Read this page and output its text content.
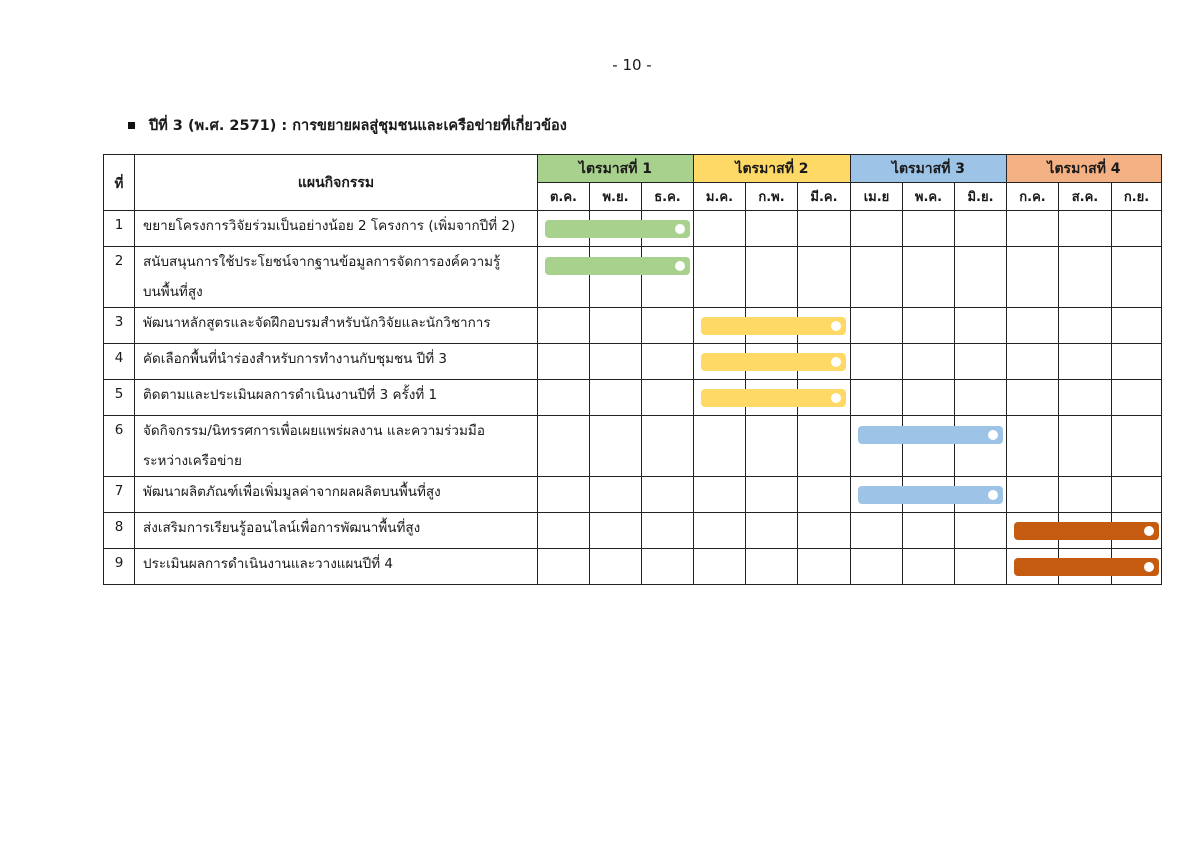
- 10 -
ปีที่ 3 (พ.ศ. 2571) : การขยายผลสู่ชุมชนและเครือข่ายที่เกี่ยวข้อง
ที่	แผนกิจกรรม	ไตรมาสที่ 1			ไตรมาสที่ 2			ไตรมาสที่ 3			ไตรมาสที่ 4		
		ต.ค.	พ.ย.	ธ.ค.	ม.ค.	ก.พ.	มี.ค.	เม.ย	พ.ค.	มิ.ย.	ก.ค.	ส.ค.	ก.ย.
1	ขยายโครงการวิจัยร่วมเป็นอย่างน้อย 2 โครงการ (เพิ่มจากปีที่ 2)												

2	สนับสนุนการใช้ประโยชน์จากฐานข้อมูลการจัดการองค์ความรู้
บนพื้นที่สูง												

3	พัฒนาหลักสูตรและจัดฝึกอบรมสำหรับนักวิจัยและนักวิชาการ												

4	คัดเลือกพื้นที่นำร่องสำหรับการทำงานกับชุมชน ปีที่ 3												

5	ติดตามและประเมินผลการดำเนินงานปีที่ 3 ครั้งที่ 1												

6	จัดกิจกรรม/นิทรรศการเพื่อเผยแพร่ผลงาน และความร่วมมือ
ระหว่างเครือข่าย												

7	พัฒนาผลิตภัณฑ์เพื่อเพิ่มมูลค่าจากผลผลิตบนพื้นที่สูง												

8	ส่งเสริมการเรียนรู้ออนไลน์เพื่อการพัฒนาพื้นที่สูง												

9	ประเมินผลการดำเนินงานและวางแผนปีที่ 4												
